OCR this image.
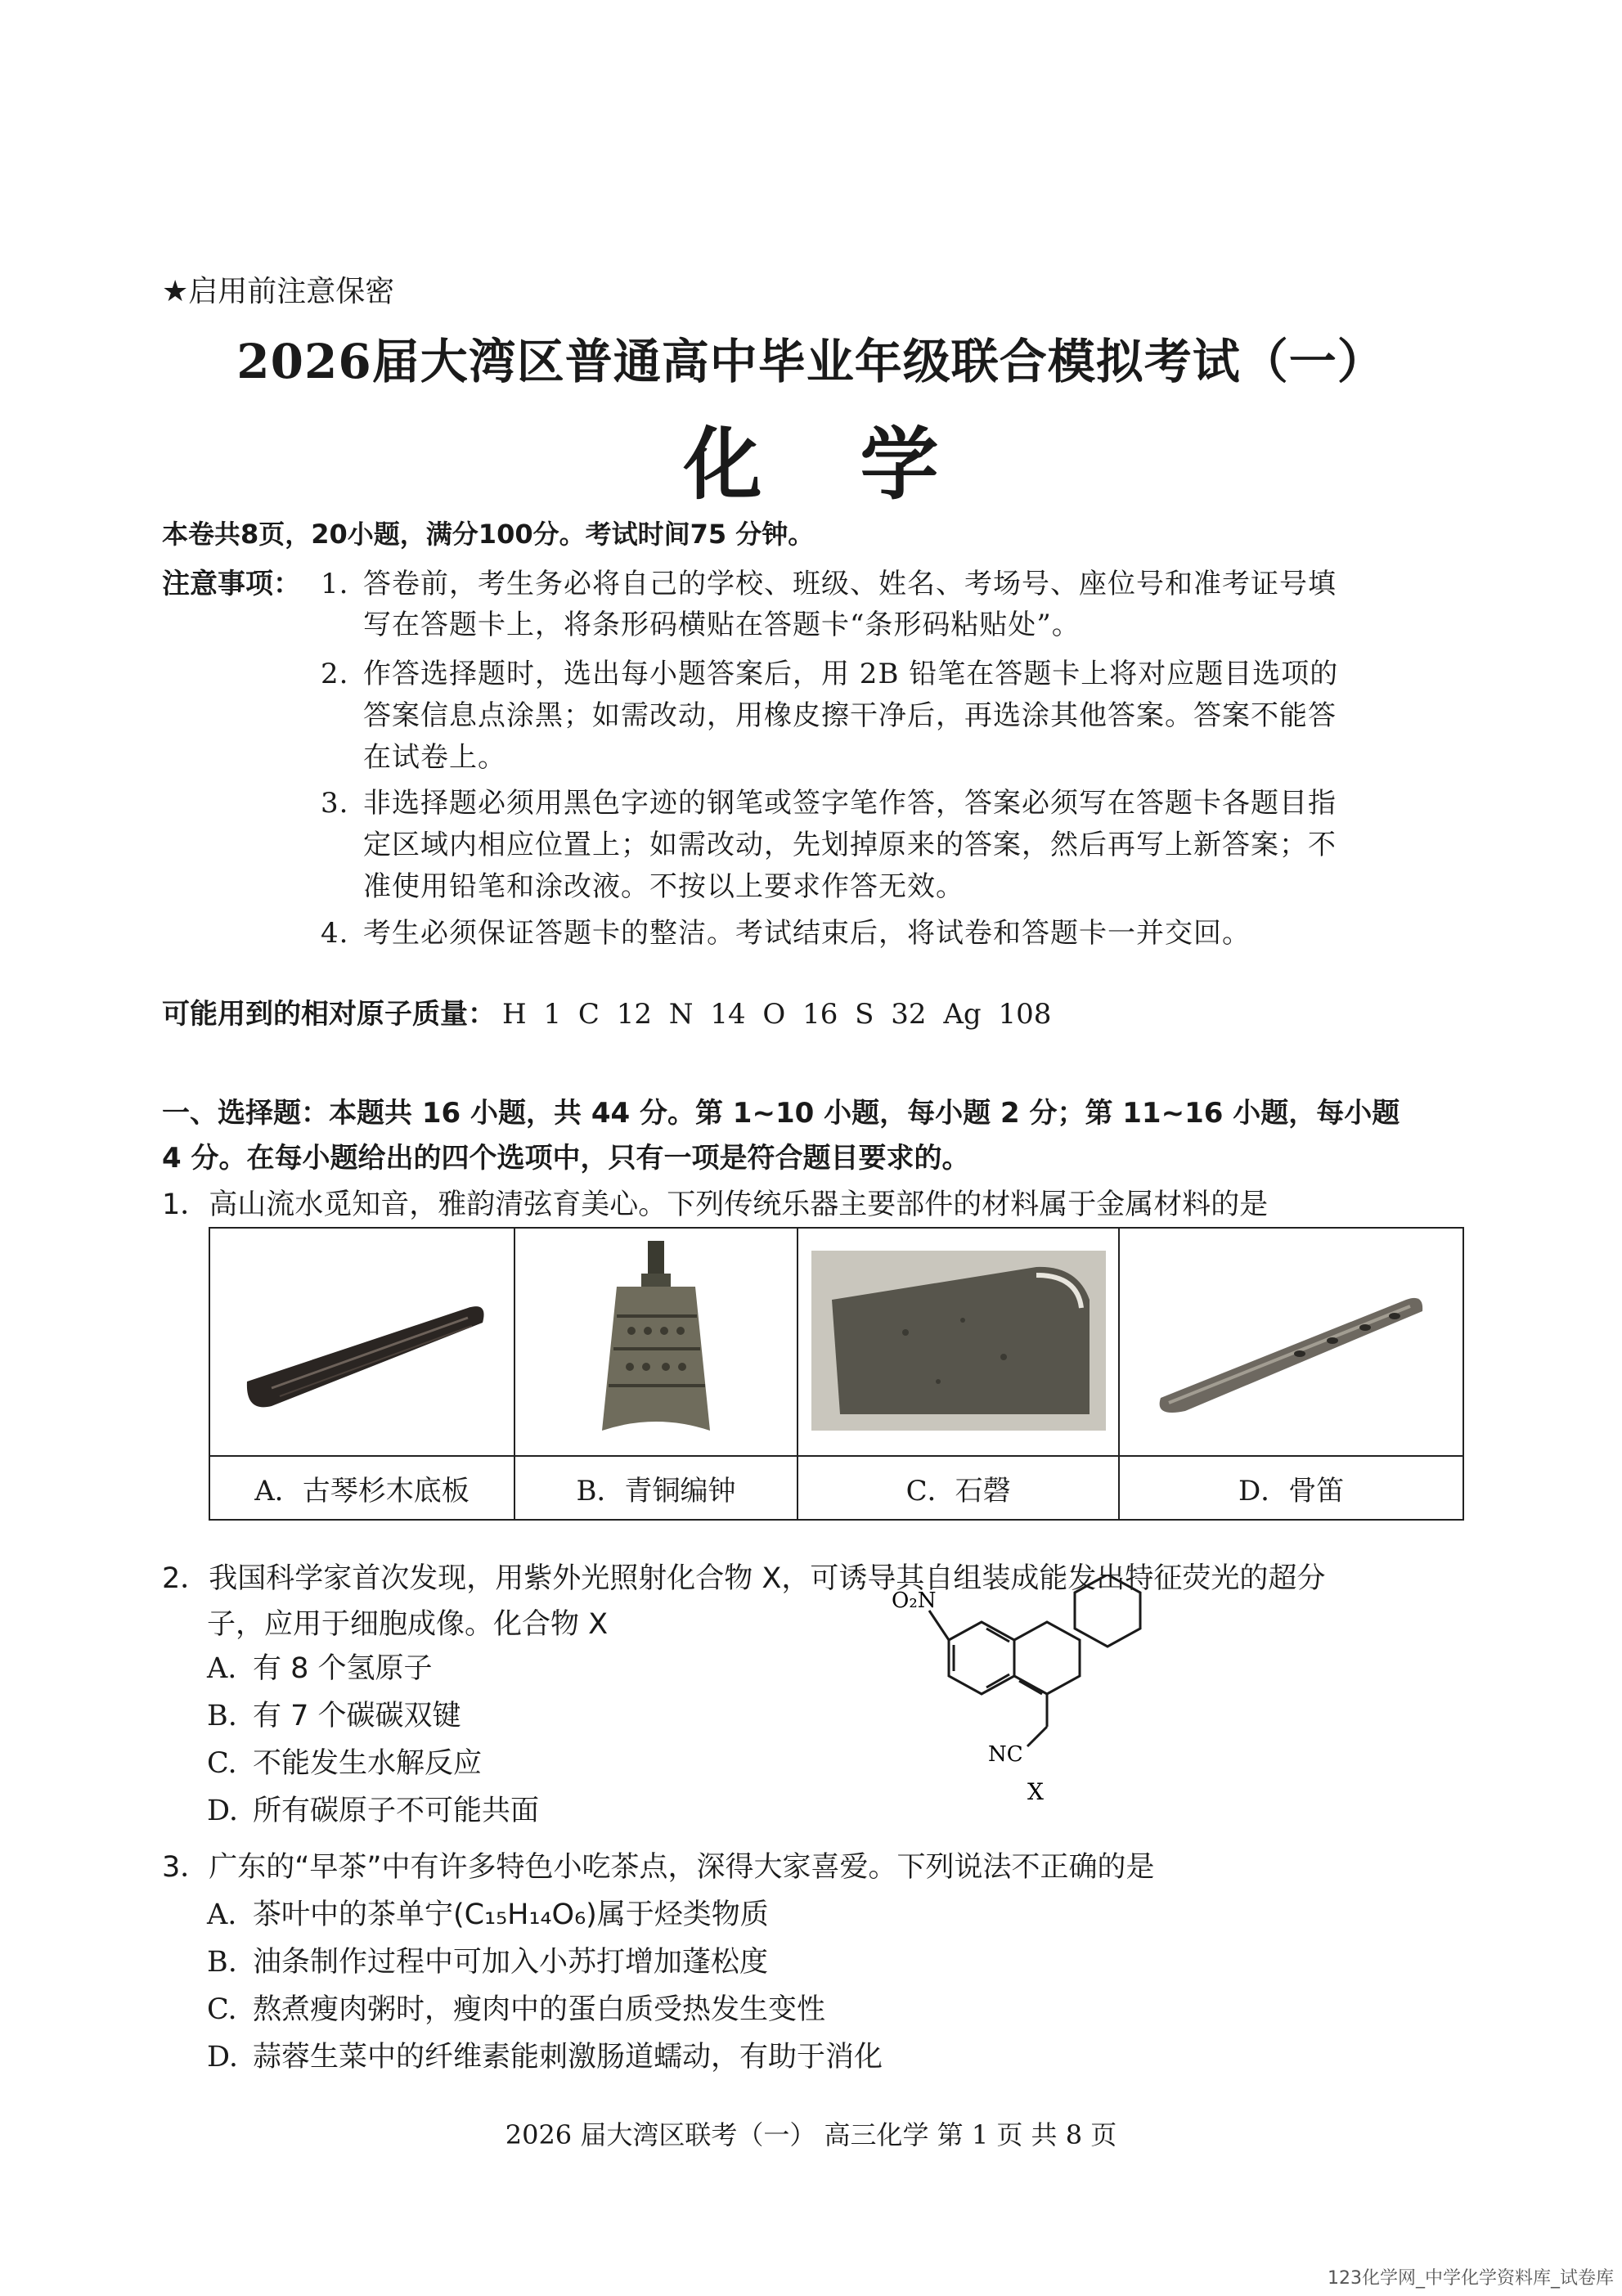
★启用前注意保密
2026届大湾区普通高中毕业年级联合模拟考试（一）
化学
本卷共8页，20小题，满分100分。考试时间75 分钟。
注意事项： 1. 答卷前，考生务必将自己的学校、班级、姓名、考场号、座位号和准考证号填
写在答题卡上，将条形码横贴在答题卡“条形码粘贴处”。
2. 作答选择题时，选出每小题答案后，用 2B 铅笔在答题卡上将对应题目选项的
答案信息点涂黑；如需改动，用橡皮擦干净后，再选涂其他答案。答案不能答
在试卷上。
3. 非选择题必须用黑色字迹的钢笔或签字笔作答，答案必须写在答题卡各题目指
定区域内相应位置上；如需改动，先划掉原来的答案，然后再写上新答案；不
准使用铅笔和涂改液。不按以上要求作答无效。
4. 考生必须保证答题卡的整洁。考试结束后，将试卷和答题卡一并交回。
可能用到的相对原子质量： H 1 C 12 N 14 O 16 S 32 Ag 108
一、选择题：本题共 16 小题，共 44 分。第 1~10 小题，每小题 2 分；第 11~16 小题，每小题
4 分。在每小题给出的四个选项中，只有一项是符合题目要求的。
1．高山流水觅知音，雅韵清弦育美心。下列传统乐器主要部件的材料属于金属材料的是

A．古琴杉木底板	B．青铜编钟	C．石磬	D．骨笛
2．我国科学家首次发现，用紫外光照射化合物 X，可诱导其自组装成能发出特征荧光的超分
子，应用于细胞成像。化合物 X
A. 有 8 个氢原子
B. 有 7 个碳碳双键
C. 不能发生水解反应
D. 所有碳原子不可能共面
O₂N
NC
X
3．广东的“早茶”中有许多特色小吃茶点，深得大家喜爱。下列说法不正确的是
A. 茶叶中的茶单宁(C₁₅H₁₄O₆)属于烃类物质
B. 油条制作过程中可加入小苏打增加蓬松度
C. 熬煮瘦肉粥时，瘦肉中的蛋白质受热发生变性
D. 蒜蓉生菜中的纤维素能刺激肠道蠕动，有助于消化
2026 届大湾区联考（一） 高三化学 第 1 页 共 8 页
123化学网_中学化学资料库_试卷库
